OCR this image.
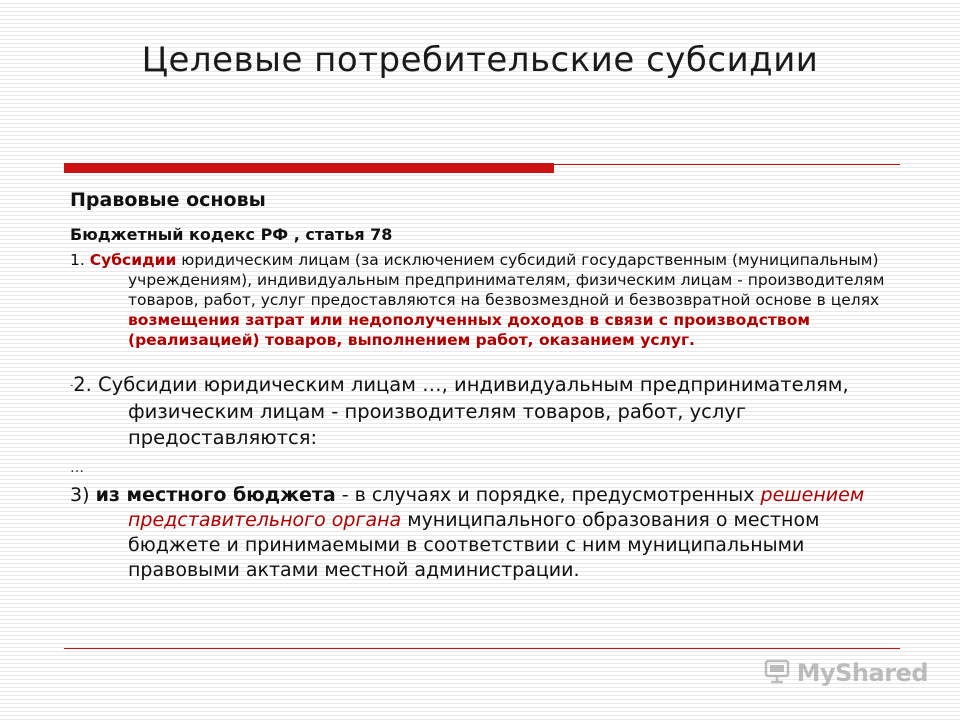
Целевые потребительские субсидии
Правовые основы
Бюджетный кодекс РФ , статья 78
1. Субсидии юридическим лицам (за исключением субсидий государственным (муниципальным) учреждениям), индивидуальным предпринимателям, физическим лицам - производителям товаров, работ, услуг предоставляются на безвозмездной и безвозвратной основе в целях возмещения затрат или недополученных доходов в связи с производством (реализацией) товаров, выполнением работ, оказанием услуг.
-2. Субсидии юридическим лицам …, индивидуальным предпринимателям, физическим лицам - производителям товаров, работ, услуг предоставляются:
…
3) из местного бюджета - в случаях и порядке, предусмотренных решением представительного органа муниципального образования о местном бюджете и принимаемыми в соответствии с ним муниципальными правовыми актами местной администрации.
MyShared
